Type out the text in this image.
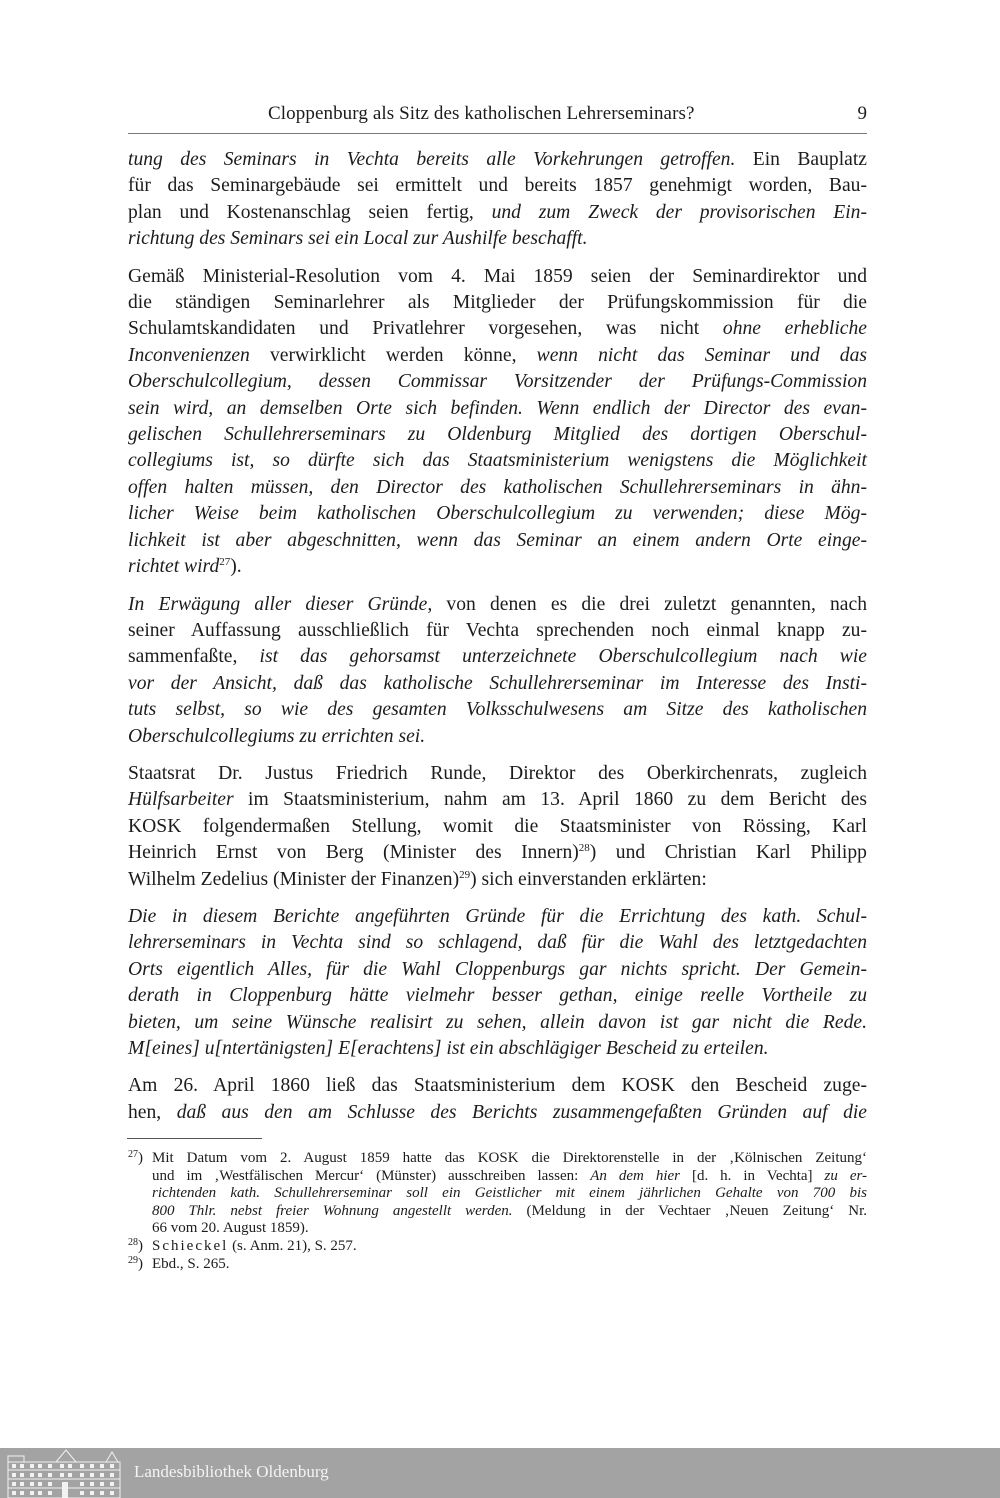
Cloppenburg als Sitz des katholischen Lehrerseminars?	9

tung des Seminars in Vechta bereits alle Vorkehrungen getroffen. Ein Bauplatz
für das Seminargebäude sei ermittelt und bereits 1857 genehmigt worden, Bau-
plan und Kostenanschlag seien fertig, und zum Zweck der provisorischen Ein-
richtung des Seminars sei ein Local zur Aushilfe beschafft.

Gemäß Ministerial-Resolution vom 4. Mai 1859 seien der Seminardirektor und
die ständigen Seminarlehrer als Mitglieder der Prüfungskommission für die
Schulamtskandidaten und Privatlehrer vorgesehen, was nicht ohne erhebliche
Inconvenienzen verwirklicht werden könne, wenn nicht das Seminar und das
Oberschulcollegium, dessen Commissar Vorsitzender der Prüfungs-Commission
sein wird, an demselben Orte sich befinden. Wenn endlich der Director des evan-
gelischen Schullehrerseminars zu Oldenburg Mitglied des dortigen Oberschul-
collegiums ist, so dürfte sich das Staatsministerium wenigstens die Möglichkeit
offen halten müssen, den Director des katholischen Schullehrerseminars in ähn-
licher Weise beim katholischen Oberschulcollegium zu verwenden; diese Mög-
lichkeit ist aber abgeschnitten, wenn das Seminar an einem andern Orte einge-
richtet wird$^{27}$).

In Erwägung aller dieser Gründe, von denen es die drei zuletzt genannten, nach
seiner Auffassung ausschließlich für Vechta sprechenden noch einmal knapp zu-
sammenfaßte, ist das gehorsamst unterzeichnete Oberschulcollegium nach wie
vor der Ansicht, daß das katholische Schullehrerseminar im Interesse des Insti-
tuts selbst, so wie des gesamten Volksschulwesens am Sitze des katholischen
Oberschulcollegiums zu errichten sei.

Staatsrat Dr. Justus Friedrich Runde, Direktor des Oberkirchenrats, zugleich
Hülfsarbeiter im Staatsministerium, nahm am 13. April 1860 zu dem Bericht des
KOSK folgendermaßen Stellung, womit die Staatsminister von Rössing, Karl
Heinrich Ernst von Berg (Minister des Innern)$^{28}$) und Christian Karl Philipp
Wilhelm Zedelius (Minister der Finanzen)$^{29}$) sich einverstanden erklärten:

Die in diesem Berichte angeführten Gründe für die Errichtung des kath. Schul-
lehrerseminars in Vechta sind so schlagend, daß für die Wahl des letztgedachten
Orts eigentlich Alles, für die Wahl Cloppenburgs gar nichts spricht. Der Gemein-
derath in Cloppenburg hätte vielmehr besser gethan, einige reelle Vortheile zu
bieten, um seine Wünsche realisirt zu sehen, allein davon ist gar nicht die Rede.
M[eines] u[ntertänigsten] E[erachtens] ist ein abschlägiger Bescheid zu erteilen.

Am 26. April 1860 ließ das Staatsministerium dem KOSK den Bescheid zuge-
hen, daß aus den am Schlusse des Berichts zusammengefaßten Gründen auf die

$^{27}$) Mit Datum vom 2. August 1859 hatte das KOSK die Direktorenstelle in der ‚Kölnischen Zeitung‘
und im ‚Westfälischen Mercur‘ (Münster) ausschreiben lassen: An dem hier [d. h. in Vechta] zu er-
richtenden kath. Schullehrerseminar soll ein Geistlicher mit einem jährlichen Gehalte von 700 bis
800 Thlr. nebst freier Wohnung angestellt werden. (Meldung in der Vechtaer ‚Neuen Zeitung‘ Nr.
66 vom 20. August 1859).
$^{28}$) Schieckel (s. Anm. 21), S. 257.
$^{29}$) Ebd., S. 265.
Landesbibliothek Oldenburg
